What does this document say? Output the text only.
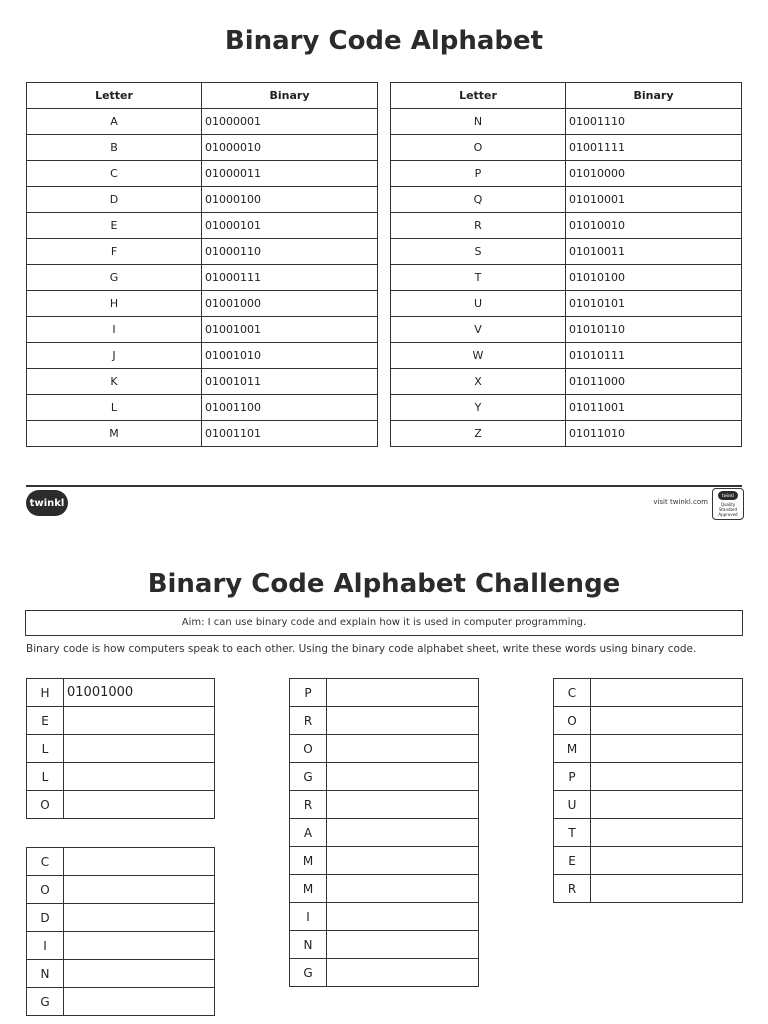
Binary Code Alphabet
Letter	Binary
A	01000001
B	01000010
C	01000011
D	01000100
E	01000101
F	01000110
G	01000111
H	01001000
I	01001001
J	01001010
K	01001011
L	01001100
M	01001101
Letter	Binary
N	01001110
O	01001111
P	01010000
Q	01010001
R	01010010
S	01010011
T	01010100
U	01010101
V	01010110
W	01010111
X	01011000
Y	01011001
Z	01011010
twinkl	visit twinkl.com
twinkl
Quality Standard Approved
Binary Code Alphabet Challenge
Aim: I can use binary code and explain how it is used in computer programming.
Binary code is how computers speak to each other. Using the binary code alphabet sheet, write these words using binary code.
H	01001000
E	
L	
L	
O	
C	
O	
D	
I	
N	
G	
P	
R	
O	
G	
R	
A	
M	
M	
I	
N	
G	
C	
O	
M	
P	
U	
T	
E	
R	
